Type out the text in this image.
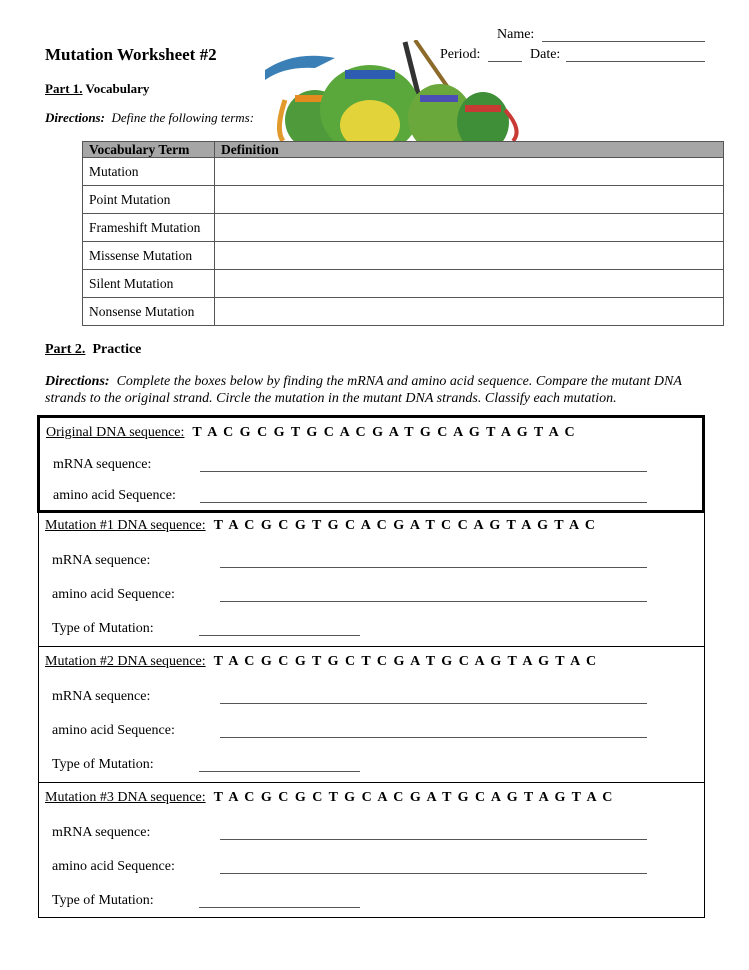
Name:
Period:	Date:
Mutation Worksheet #2
Part 1. Vocabulary
Directions: Define the following terms:
Vocabulary Term	Definition
Mutation	
Point Mutation	
Frameshift Mutation	
Missense Mutation	
Silent Mutation	
Nonsense Mutation	
Part 2. Practice
Directions: Complete the boxes below by finding the mRNA and amino acid sequence. Compare the mutant DNA strands to the original strand. Circle the mutation in the mutant DNA strands. Classify each mutation.
Original DNA sequence: T A C G C G T G C A C G A T G C A G T A G T A C
mRNA sequence:
amino acid Sequence:
Mutation #1 DNA sequence: T A C G C G T G C A C G A T C C A G T A G T A C
mRNA sequence:
amino acid Sequence:
Type of Mutation:
Mutation #2 DNA sequence: T A C G C G T G C T C G A T G C A G T A G T A C
mRNA sequence:
amino acid Sequence:
Type of Mutation:
Mutation #3 DNA sequence: T A C G C G C T G C A C G A T G C A G T A G T A C
mRNA sequence:
amino acid Sequence:
Type of Mutation:
